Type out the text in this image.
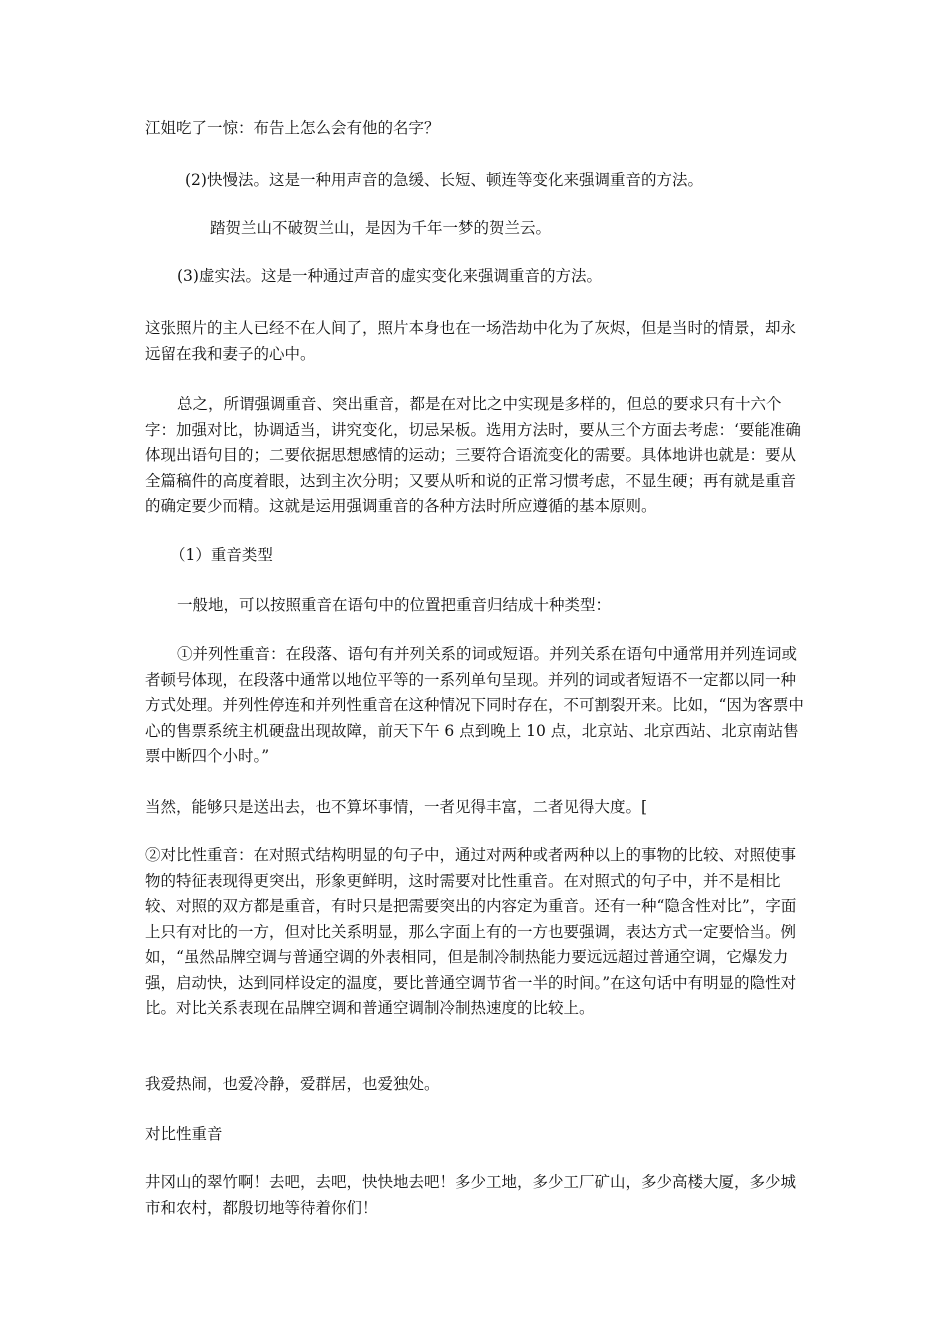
江姐吃了一惊：布告上怎么会有他的名字？

(2)快慢法。这是一种用声音的急缓、长短、顿连等变化来强调重音的方法。

踏贺兰山不破贺兰山，是因为千年一梦的贺兰云。

(3)虚实法。这是一种通过声音的虚实变化来强调重音的方法。

这张照片的主人已经不在人间了，照片本身也在一场浩劫中化为了灰烬，但是当时的情景，却永远留在我和妻子的心中。

总之，所谓强调重音、突出重音，都是在对比之中实现是多样的，但总的要求只有十六个字：加强对比，协调适当，讲究变化，切忌呆板。选用方法时，要从三个方面去考虑：‘要能准确体现出语句目的；二要依据思想感情的运动；三要符合语流变化的需要。具体地讲也就是：要从全篇稿件的高度着眼，达到主次分明；又要从听和说的正常习惯考虑，不显生硬；再有就是重音的确定要少而精。这就是运用强调重音的各种方法时所应遵循的基本原则。

（1）重音类型

一般地，可以按照重音在语句中的位置把重音归结成十种类型：

①并列性重音：在段落、语句有并列关系的词或短语。并列关系在语句中通常用并列连词或者顿号体现，在段落中通常以地位平等的一系列单句呈现。并列的词或者短语不一定都以同一种方式处理。并列性停连和并列性重音在这种情况下同时存在，不可割裂开来。比如，“因为客票中心的售票系统主机硬盘出现故障，前天下午 6 点到晚上 10 点，北京站、北京西站、北京南站售票中断四个小时。”

当然，能够只是送出去，也不算坏事情，一者见得丰富，二者见得大度。[

②对比性重音：在对照式结构明显的句子中，通过对两种或者两种以上的事物的比较、对照使事物的特征表现得更突出，形象更鲜明，这时需要对比性重音。在对照式的句子中，并不是相比较、对照的双方都是重音，有时只是把需要突出的内容定为重音。还有一种“隐含性对比”，字面上只有对比的一方，但对比关系明显，那么字面上有的一方也要强调，表达方式一定要恰当。例如，“虽然品牌空调与普通空调的外表相同，但是制冷制热能力要远远超过普通空调，它爆发力强，启动快，达到同样设定的温度，要比普通空调节省一半的时间。”在这句话中有明显的隐性对比。对比关系表现在品牌空调和普通空调制冷制热速度的比较上。

我爱热闹，也爱冷静，爱群居，也爱独处。

对比性重音

井冈山的翠竹啊！去吧，去吧，快快地去吧！多少工地，多少工厂矿山，多少高楼大厦，多少城市和农村，都殷切地等待着你们！
